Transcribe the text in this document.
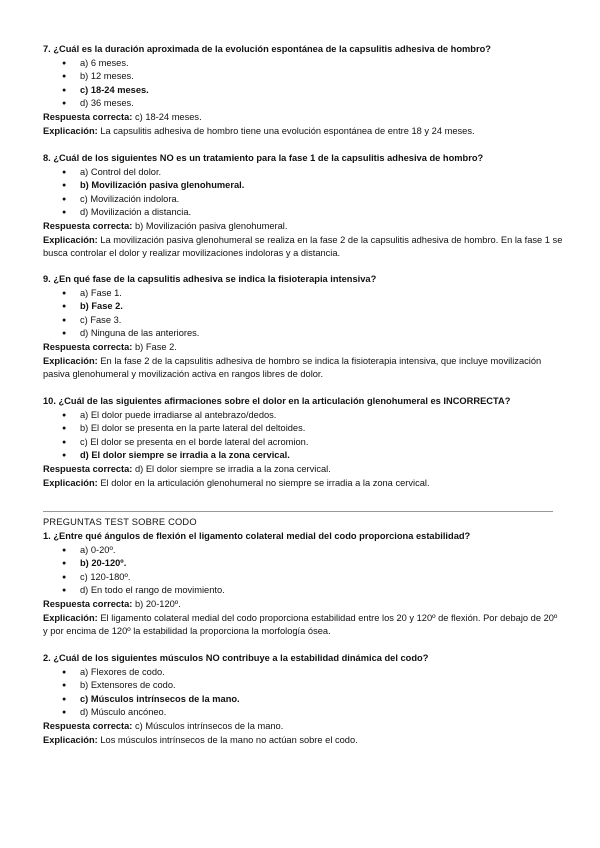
7. ¿Cuál es la duración aproximada de la evolución espontánea de la capsulitis adhesiva de hombro?
● a) 6 meses.
● b) 12 meses.
● c) 18-24 meses.
● d) 36 meses.
Respuesta correcta: c) 18-24 meses.
Explicación: La capsulitis adhesiva de hombro tiene una evolución espontánea de entre 18 y 24 meses.
8. ¿Cuál de los siguientes NO es un tratamiento para la fase 1 de la capsulitis adhesiva de hombro?
● a) Control del dolor.
● b) Movilización pasiva glenohumeral.
● c) Movilización indolora.
● d) Movilización a distancia.
Respuesta correcta: b) Movilización pasiva glenohumeral.
Explicación: La movilización pasiva glenohumeral se realiza en la fase 2 de la capsulitis adhesiva de hombro. En la fase 1 se busca controlar el dolor y realizar movilizaciones indoloras y a distancia.
9. ¿En qué fase de la capsulitis adhesiva se indica la fisioterapia intensiva?
● a) Fase 1.
● b) Fase 2.
● c) Fase 3.
● d) Ninguna de las anteriores.
Respuesta correcta: b) Fase 2.
Explicación: En la fase 2 de la capsulitis adhesiva de hombro se indica la fisioterapia intensiva, que incluye movilización pasiva glenohumeral y movilización activa en rangos libres de dolor.
10. ¿Cuál de las siguientes afirmaciones sobre el dolor en la articulación glenohumeral es INCORRECTA?
● a) El dolor puede irradiarse al antebrazo/dedos.
● b) El dolor se presenta en la parte lateral del deltoides.
● c) El dolor se presenta en el borde lateral del acromion.
● d) El dolor siempre se irradia a la zona cervical.
Respuesta correcta: d) El dolor siempre se irradia a la zona cervical.
Explicación: El dolor en la articulación glenohumeral no siempre se irradia a la zona cervical.
PREGUNTAS TEST SOBRE CODO
1. ¿Entre qué ángulos de flexión el ligamento colateral medial del codo proporciona estabilidad?
● a) 0-20º.
● b) 20-120º.
● c) 120-180º.
● d) En todo el rango de movimiento.
Respuesta correcta: b) 20-120º.
Explicación: El ligamento colateral medial del codo proporciona estabilidad entre los 20 y 120º de flexión. Por debajo de 20º y por encima de 120º la estabilidad la proporciona la morfología ósea.
2. ¿Cuál de los siguientes músculos NO contribuye a la estabilidad dinámica del codo?
● a) Flexores de codo.
● b) Extensores de codo.
● c) Músculos intrínsecos de la mano.
● d) Músculo ancóneo.
Respuesta correcta: c) Músculos intrínsecos de la mano.
Explicación: Los músculos intrínsecos de la mano no actúan sobre el codo.
